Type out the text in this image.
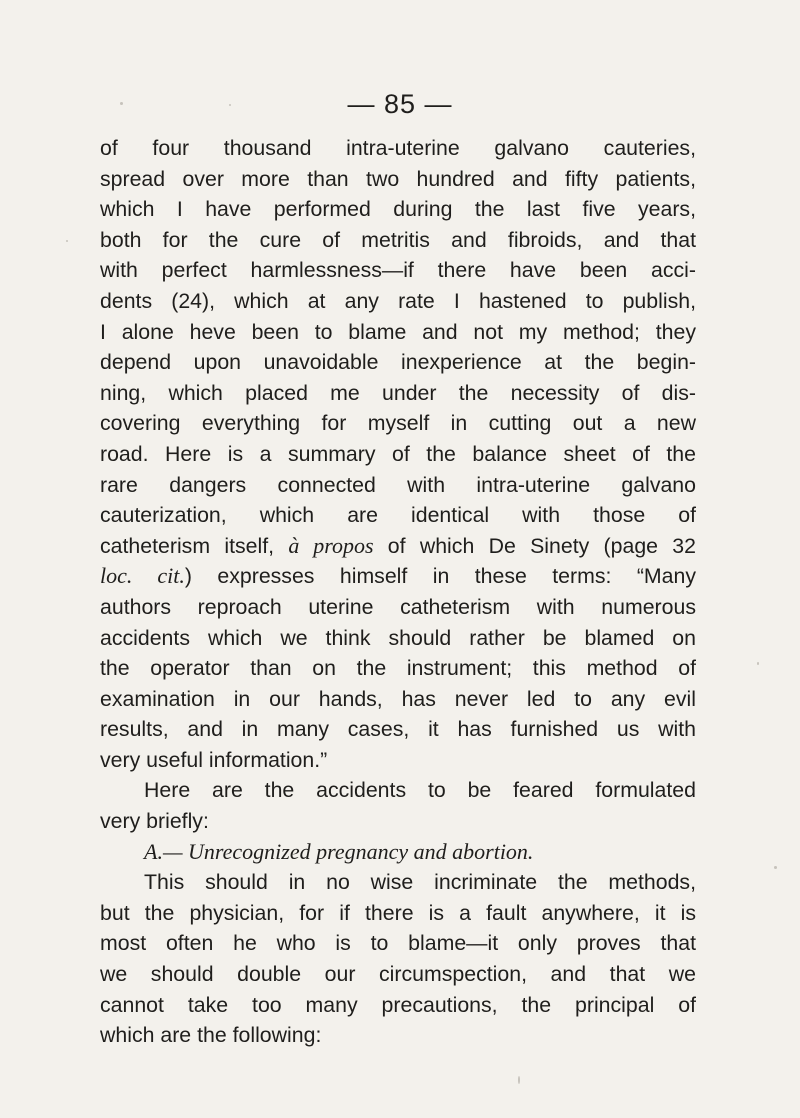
— 85 —
of four thousand intra-uterine galvano cauteries,
spread over more than two hundred and fifty patients,
which I have performed during the last five years,
both for the cure of metritis and fibroids, and that
with perfect harmlessness—if there have been acci-
dents (24), which at any rate I hastened to publish,
I alone heve been to blame and not my method; they
depend upon unavoidable inexperience at the begin-
ning, which placed me under the necessity of dis-
covering everything for myself in cutting out a new
road. Here is a summary of the balance sheet of the
rare dangers connected with intra-uterine galvano
cauterization, which are identical with those of
catheterism itself, à propos of which De Sinety (page 32
loc. cit.) expresses himself in these terms: “Many
authors reproach uterine catheterism with numerous
accidents which we think should rather be blamed on
the operator than on the instrument; this method of
examination in our hands, has never led to any evil
results, and in many cases, it has furnished us with
very useful information.”
Here are the accidents to be feared formulated
very briefly:
A.— Unrecognized pregnancy and abortion.
This should in no wise incriminate the methods,
but the physician, for if there is a fault anywhere, it is
most often he who is to blame—it only proves that
we should double our circumspection, and that we
cannot take too many precautions, the principal of
which are the following:
